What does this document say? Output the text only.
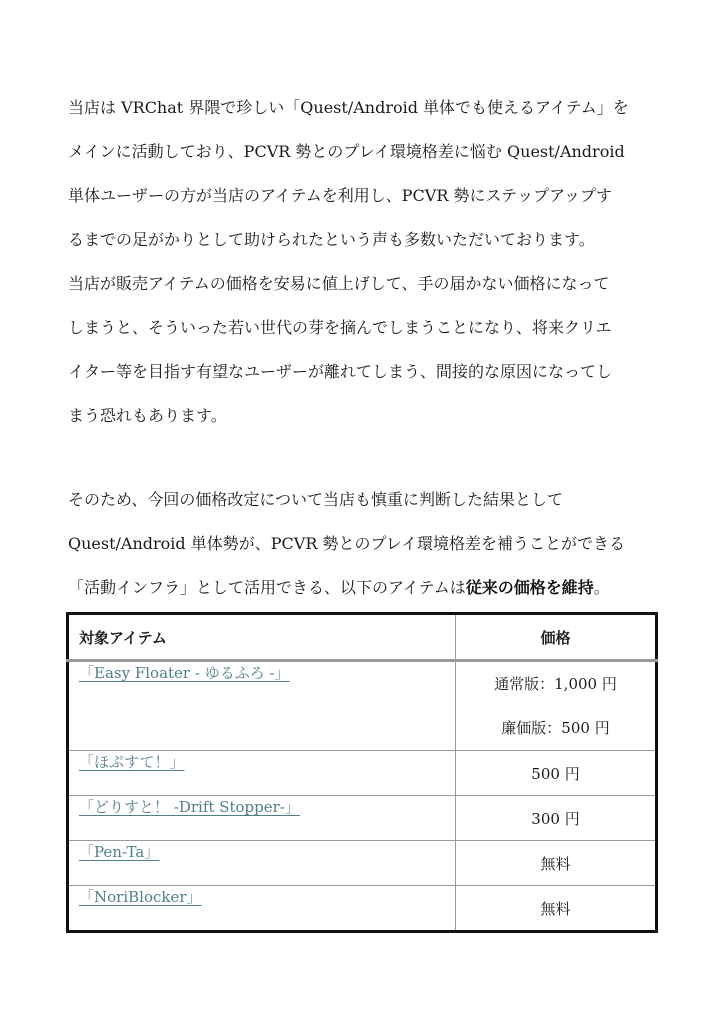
当店は VRChat 界隈で珍しい「Quest/Android 単体でも使えるアイテム」を

メインに活動しており、PCVR 勢とのプレイ環境格差に悩む Quest/Android

単体ユーザーの方が当店のアイテムを利用し、PCVR 勢にステップアップす

るまでの足がかりとして助けられたという声も多数いただいております。

当店が販売アイテムの価格を安易に値上げして、手の届かない価格になって

しまうと、そういった若い世代の芽を摘んでしまうことになり、将来クリエ

イター等を目指す有望なユーザーが離れてしまう、間接的な原因になってし

まう恐れもあります。

そのため、今回の価格改定について当店も慎重に判断した結果として

Quest/Android 単体勢が、PCVR 勢とのプレイ環境格差を補うことができる

「活動インフラ」として活用できる、以下のアイテムは従来の価格を維持。

対象アイテム	価格
「Easy Floater - ゆるふろ -」	通常版：1,000 円
廉価版：500 円

「ほぷすて！」	500 円
「どりすと！ -Drift Stopper-」	300 円
「Pen-Ta」	無料
「NoriBlocker」	無料
